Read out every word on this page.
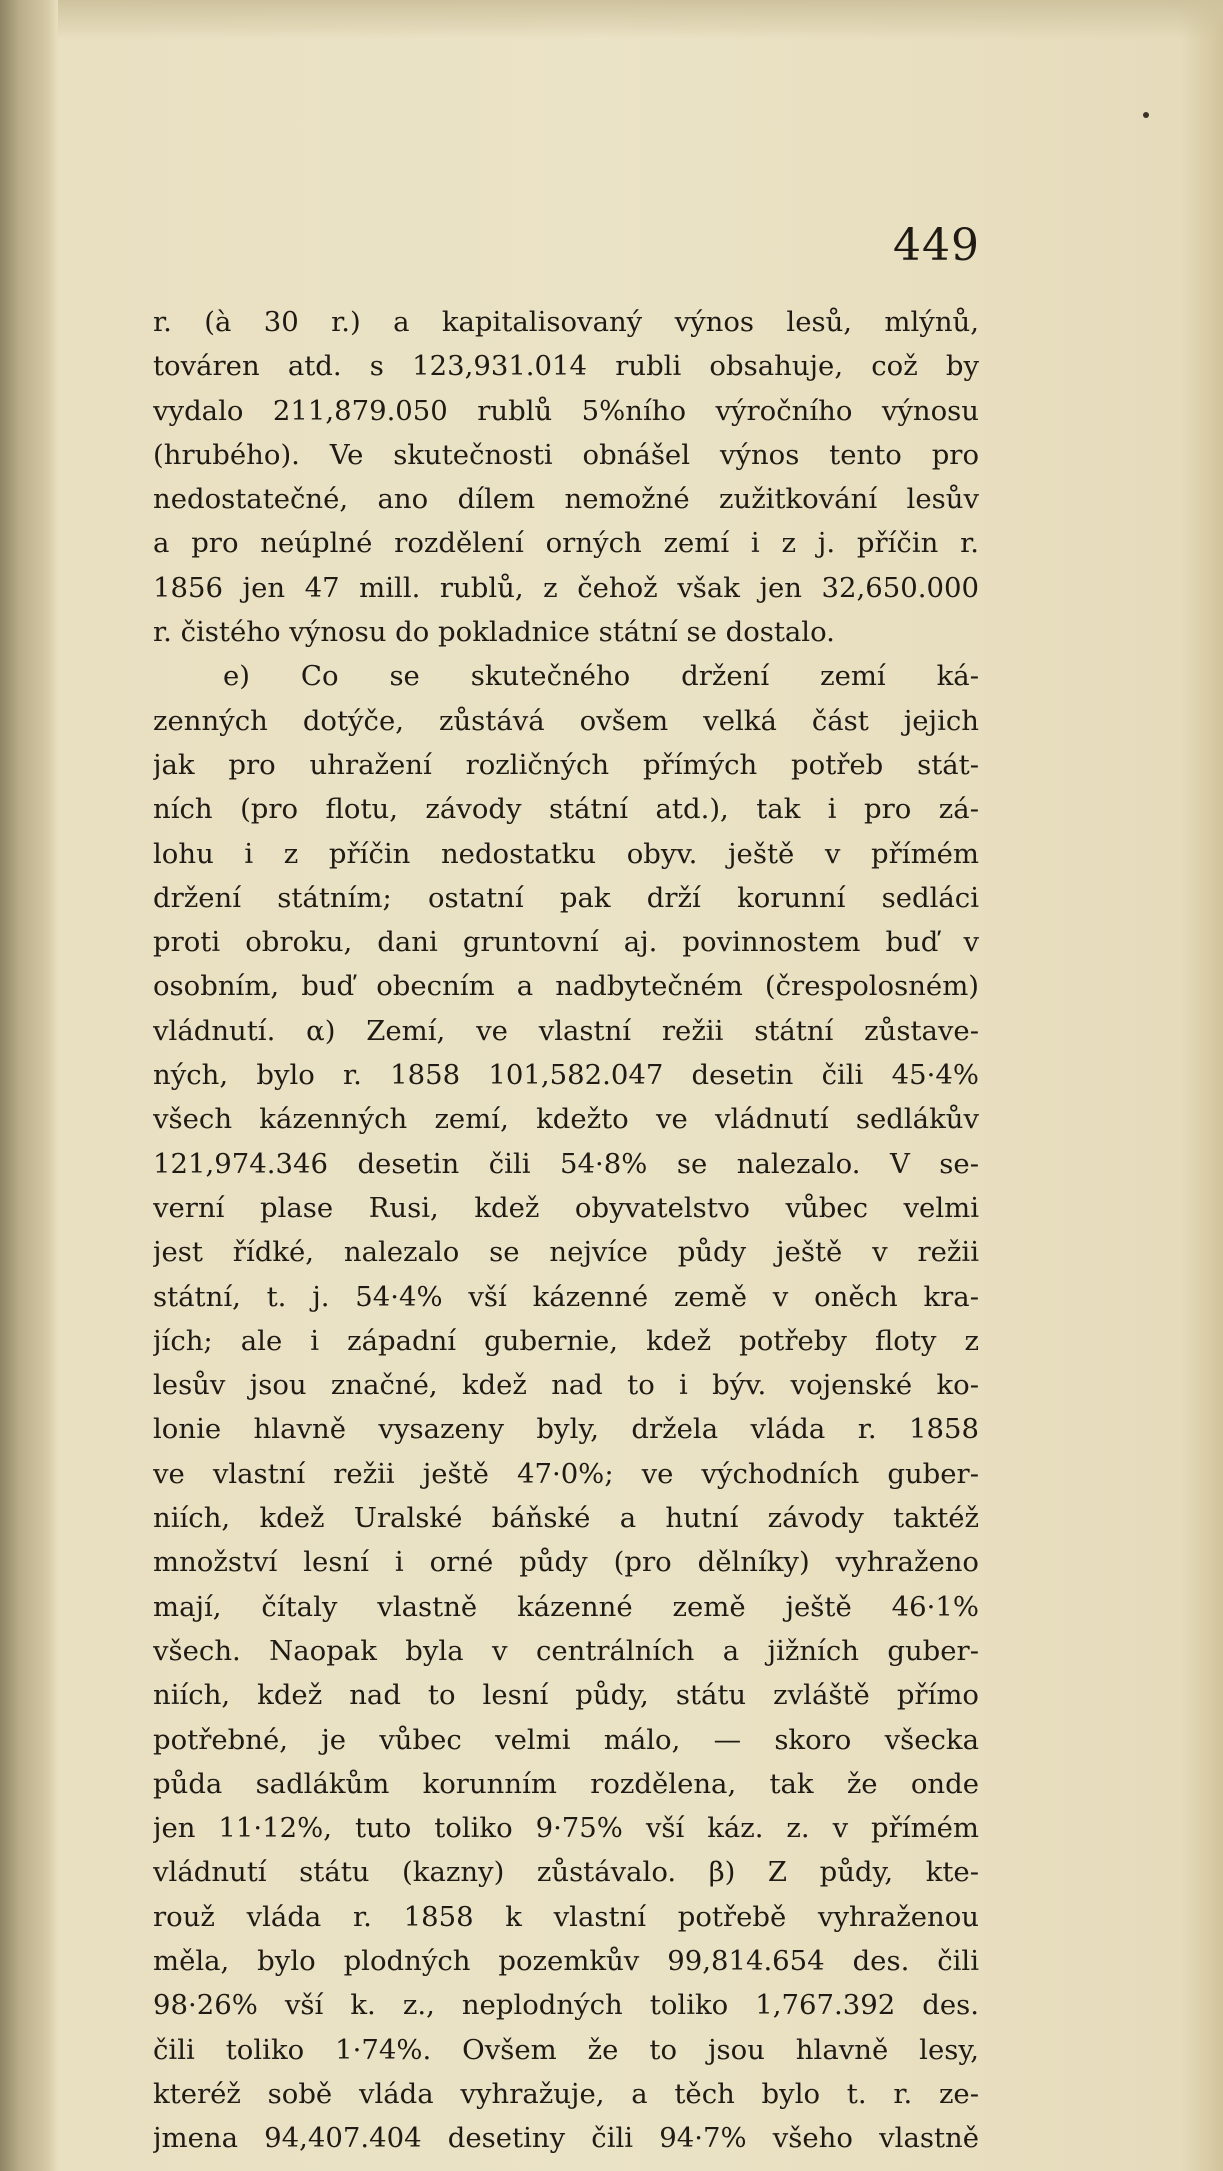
449
r. (à 30 r.) a kapitalisovaný výnos lesů, mlýnů,
továren atd. s 123,931.014 rubli obsahuje, což by
vydalo 211,879.050 rublů 5%ního výročního výnosu
(hrubého). Ve skutečnosti obnášel výnos tento pro
nedostatečné, ano dílem nemožné zužitkování lesův
a pro neúplné rozdělení orných zemí i z j. příčin r.
1856 jen 47 mill. rublů, z čehož však jen 32,650.000
r. čistého výnosu do pokladnice státní se dostalo.
e) Co se skutečného držení zemí ká-
zenných dotýče, zůstává ovšem velká část jejich
jak pro uhražení rozličných přímých potřeb stát-
ních (pro flotu, závody státní atd.), tak i pro zá-
lohu i z příčin nedostatku obyv. ještě v přímém
držení státním; ostatní pak drží korunní sedláci
proti obroku, dani gruntovní aj. povinnostem buď v
osobním, buď obecním a nadbytečném (črespolosném)
vládnutí. α) Zemí, ve vlastní režii státní zůstave-
ných, bylo r. 1858 101,582.047 desetin čili 45·4%
všech kázenných zemí, kdežto ve vládnutí sedlákův
121,974.346 desetin čili 54·8% se nalezalo. V se-
verní plase Rusi, kdež obyvatelstvo vůbec velmi
jest řídké, nalezalo se nejvíce půdy ještě v režii
státní, t. j. 54·4% vší kázenné země v oněch kra-
jích; ale i západní gubernie, kdež potřeby floty z
lesův jsou značné, kdež nad to i býv. vojenské ko-
lonie hlavně vysazeny byly, držela vláda r. 1858
ve vlastní režii ještě 47·0%; ve východních guber-
niích, kdež Uralské báňské a hutní závody taktéž
množství lesní i orné půdy (pro dělníky) vyhraženo
mají, čítaly vlastně kázenné země ještě 46·1%
všech. Naopak byla v centrálních a jižních guber-
niích, kdež nad to lesní půdy, státu zvláště přímo
potřebné, je vůbec velmi málo, — skoro všecka
půda sadlákům korunním rozdělena, tak že onde
jen 11·12%, tuto toliko 9·75% vší káz. z. v přímém
vládnutí státu (kazny) zůstávalo. β) Z půdy, kte-
rouž vláda r. 1858 k vlastní potřebě vyhraženou
měla, bylo plodných pozemkův 99,814.654 des. čili
98·26% vší k. z., neplodných toliko 1,767.392 des.
čili toliko 1·74%. Ovšem že to jsou hlavně lesy,
kteréž sobě vláda vyhražuje, a těch bylo t. r. ze-
jmena 94,407.404 desetiny čili 94·7% všeho vlastně
